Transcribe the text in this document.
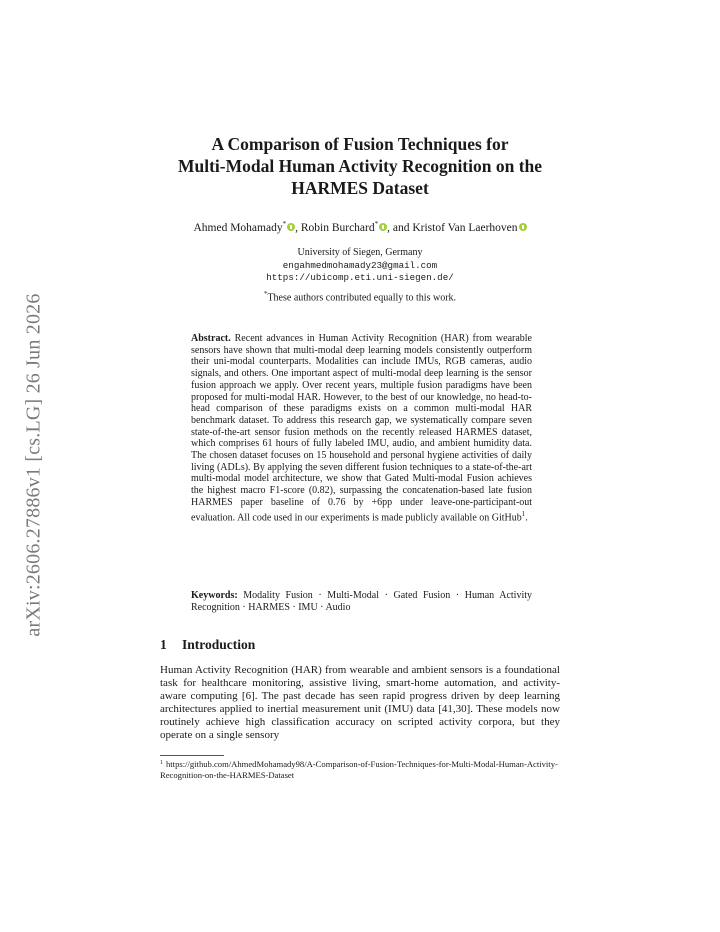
arXiv:2606.27886v1 [cs.LG] 26 Jun 2026
A Comparison of Fusion Techniques for
Multi-Modal Human Activity Recognition on the
HARMES Dataset
Ahmed Mohamady* , Robin Burchard* , and Kristof Van Laerhoven
University of Siegen, Germany
engahmedmohamady23@gmail.com
https://ubicomp.eti.uni-siegen.de/
*These authors contributed equally to this work.
Abstract. Recent advances in Human Activity Recognition (HAR) from wearable sensors have shown that multi-modal deep learning models consistently outperform their uni-modal counterparts. Modalities can include IMUs, RGB cameras, audio signals, and others. One important aspect of multi-modal deep learning is the sensor fusion approach we apply. Over recent years, multiple fusion paradigms have been proposed for multi-modal HAR. However, to the best of our knowledge, no head-to-head comparison of these paradigms exists on a common multi-modal HAR benchmark dataset. To address this research gap, we systematically compare seven state-of-the-art sensor fusion methods on the recently released HARMES dataset, which comprises 61 hours of fully labeled IMU, audio, and ambient humidity data. The chosen dataset focuses on 15 household and personal hygiene activities of daily living (ADLs). By applying the seven different fusion techniques to a state-of-the-art multi-modal model architecture, we show that Gated Multi-modal Fusion achieves the highest macro F1-score (0.82), surpassing the concatenation-based late fusion HARMES paper baseline of 0.76 by +6pp under leave-one-participant-out evaluation. All code used in our experiments is made publicly available on GitHub$^1$.
Keywords: Modality Fusion · Multi-Modal · Gated Fusion · Human Activity Recognition · HARMES · IMU · Audio
1 Introduction
Human Activity Recognition (HAR) from wearable and ambient sensors is a foundational task for healthcare monitoring, assistive living, smart-home automation, and activity-aware computing [6]. The past decade has seen rapid progress driven by deep learning architectures applied to inertial measurement unit (IMU) data [41,30]. These models now routinely achieve high classification accuracy on scripted activity corpora, but they operate on a single sensory
$^1$ https://github.com/AhmedMohamady98/A-Comparison-of-Fusion-Techniques-for-Multi-Modal-Human-Activity-Recognition-on-the-HARMES-Dataset
